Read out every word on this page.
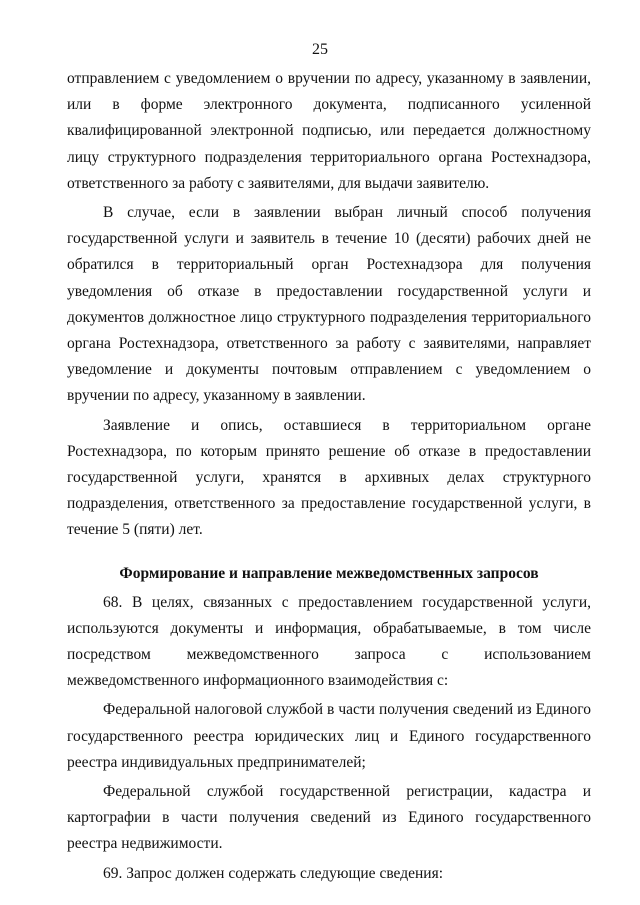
25

отправлением с уведомлением о вручении по адресу, указанному в заявлении, или в форме электронного документа, подписанного усиленной квалифицированной электронной подписью, или передается должностному лицу структурного подразделения территориального органа Ростехнадзора, ответственного за работу с заявителями, для выдачи заявителю.

В случае, если в заявлении выбран личный способ получения государственной услуги и заявитель в течение 10 (десяти) рабочих дней не обратился в территориальный орган Ростехнадзора для получения уведомления об отказе в предоставлении государственной услуги и документов должностное лицо структурного подразделения территориального органа Ростехнадзора, ответственного за работу с заявителями, направляет уведомление и документы почтовым отправлением с уведомлением о вручении по адресу, указанному в заявлении.

Заявление и опись, оставшиеся в территориальном органе Ростехнадзора, по которым принято решение об отказе в предоставлении государственной услуги, хранятся в архивных делах структурного подразделения, ответственного за предоставление государственной услуги, в течение 5 (пяти) лет.

Формирование и направление межведомственных запросов

68. В целях, связанных с предоставлением государственной услуги, используются документы и информация, обрабатываемые, в том числе посредством межведомственного запроса с использованием межведомственного информационного взаимодействия с:

Федеральной налоговой службой в части получения сведений из Единого государственного реестра юридических лиц и Единого государственного реестра индивидуальных предпринимателей;

Федеральной службой государственной регистрации, кадастра и картографии в части получения сведений из Единого государственного реестра недвижимости.

69. Запрос должен содержать следующие сведения:
